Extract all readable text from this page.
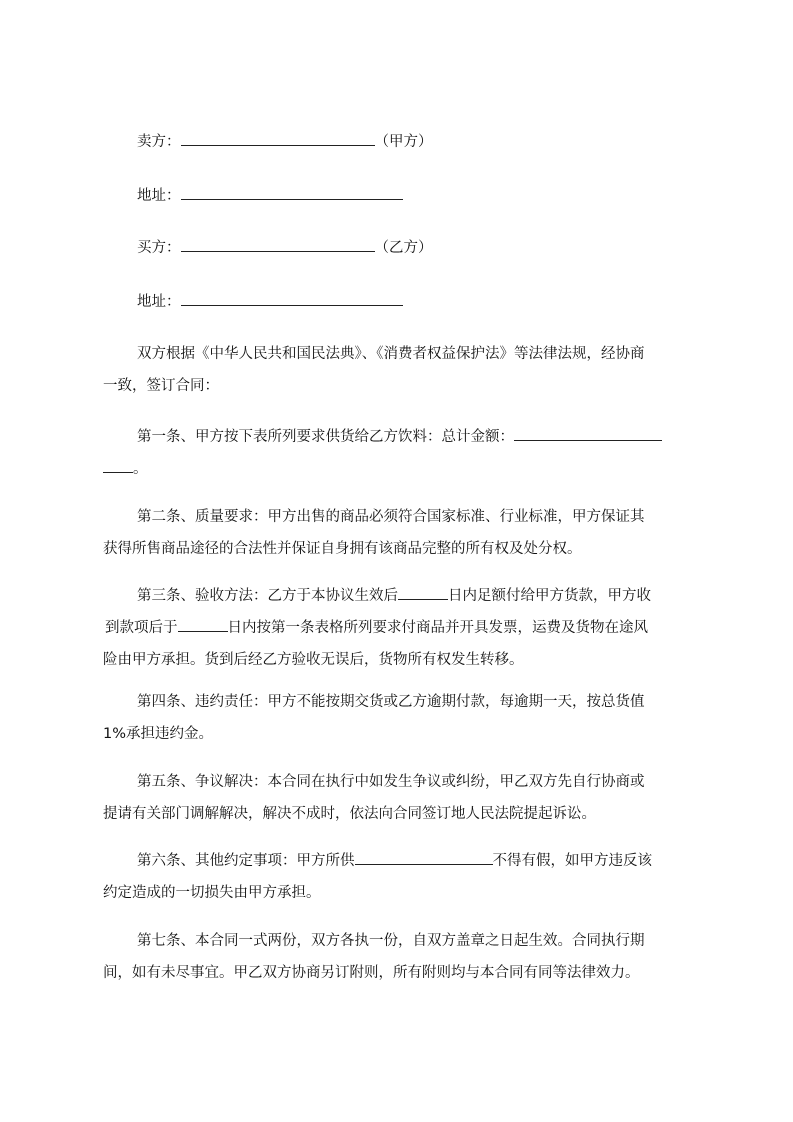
卖方：	（甲方）
地址：
买方：	（乙方）
地址：
双方根据《中华人民共和国民法典》、《消费者权益保护法》等法律法规，经协商
一致，签订合同：
第一条、甲方按下表所列要求供货给乙方饮料：总计金额：
。
第二条、质量要求：甲方出售的商品必须符合国家标准、行业标准，甲方保证其
获得所售商品途径的合法性并保证自身拥有该商品完整的所有权及处分权。
第三条、验收方法：乙方于本协议生效后	日内足额付给甲方货款，甲方收
到款项后于	日内按第一条表格所列要求付商品并开具发票，运费及货物在途风
险由甲方承担。货到后经乙方验收无误后，货物所有权发生转移。
第四条、违约责任：甲方不能按期交货或乙方逾期付款，每逾期一天，按总货值
1%承担违约金。
第五条、争议解决：本合同在执行中如发生争议或纠纷，甲乙双方先自行协商或
提请有关部门调解解决，解决不成时，依法向合同签订地人民法院提起诉讼。
第六条、其他约定事项：甲方所供	不得有假，如甲方违反该
约定造成的一切损失由甲方承担。
第七条、本合同一式两份，双方各执一份，自双方盖章之日起生效。合同执行期
间，如有未尽事宜。甲乙双方协商另订附则，所有附则均与本合同有同等法律效力。
